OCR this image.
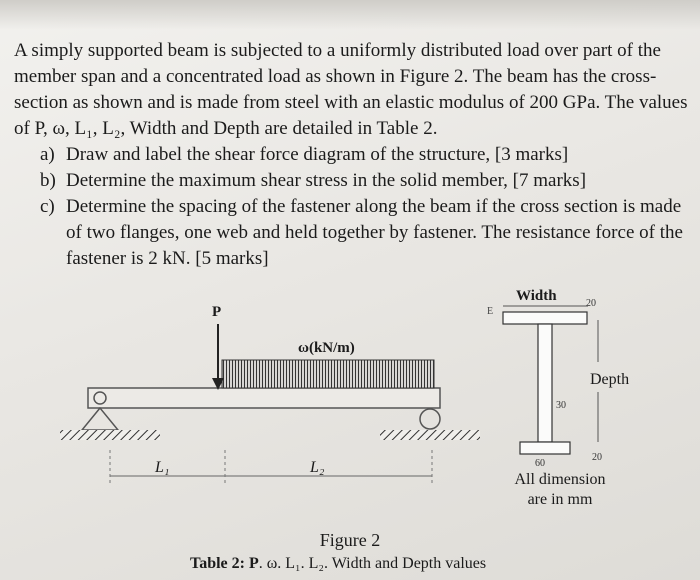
A simply supported beam is subjected to a uniformly distributed load over part of the member span and a concentrated load as shown in Figure 2. The beam has the cross-section as shown and is made from steel with an elastic modulus of 200 GPa. The values of P, ω, L₁, L₂, Width and Depth are detailed in Table 2.

a) Draw and label the shear force diagram of the structure, [3 marks]
b) Determine the maximum shear stress in the solid member, [7 marks]
c) Determine the spacing of the fastener along the beam if the cross section is made of two flanges, one web and held together by fastener. The resistance force of the fastener is 2 kN. [5 marks]
ω(kN/m)
P
L₁	L₂
E
Width	20
Depth
30
60
20
All dimension
are in mm
Figure 2
Table 2: P. ω. L₁. L₂. Width and Depth values
